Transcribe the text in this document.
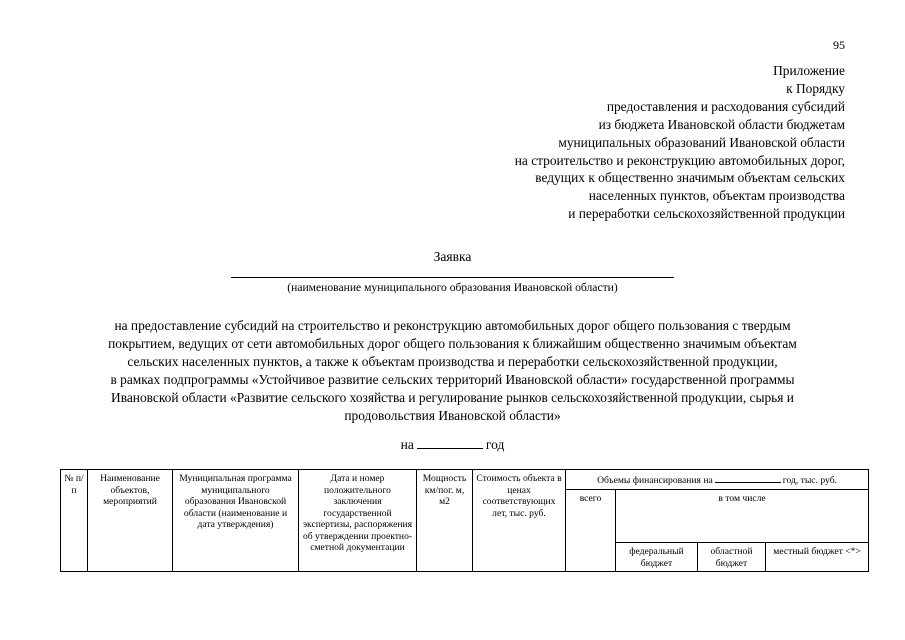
95
Приложение
к Порядку
предоставления и расходования субсидий
из бюджета Ивановской области бюджетам
муниципальных образований Ивановской области
на строительство и реконструкцию автомобильных дорог,
ведущих к общественно значимым объектам сельских
населенных пунктов, объектам производства
и переработки сельскохозяйственной продукции
Заявка
(наименование муниципального образования Ивановской области)
на предоставление субсидий на строительство и реконструкцию автомобильных дорог общего пользования с твердым
покрытием, ведущих от сети автомобильных дорог общего пользования к ближайшим общественно значимым объектам
сельских населенных пунктов, а также к объектам производства и переработки сельскохозяйственной продукции,
в рамках подпрограммы «Устойчивое развитие сельских территорий Ивановской области» государственной программы
Ивановской области «Развитие сельского хозяйства и регулирование рынков сельскохозяйственной продукции, сырья и
продовольствия Ивановской области»
на	год
№ п/п	Наименование объектов, мероприятий	Муниципальная программа муниципального образования Ивановской области (наименование и дата утверждения)	Дата и номер положительного заключения государственной экспертизы, распоряжения об утверждении проектно-сметной документации	Мощность км/пог. м, м2	Стоимость объекта в ценах соответствующих лет, тыс. руб.	Объемы финансирования на год, тыс. руб.			
						всего	в том числе		
							федеральный бюджет	областной бюджет	местный бюджет <*>
